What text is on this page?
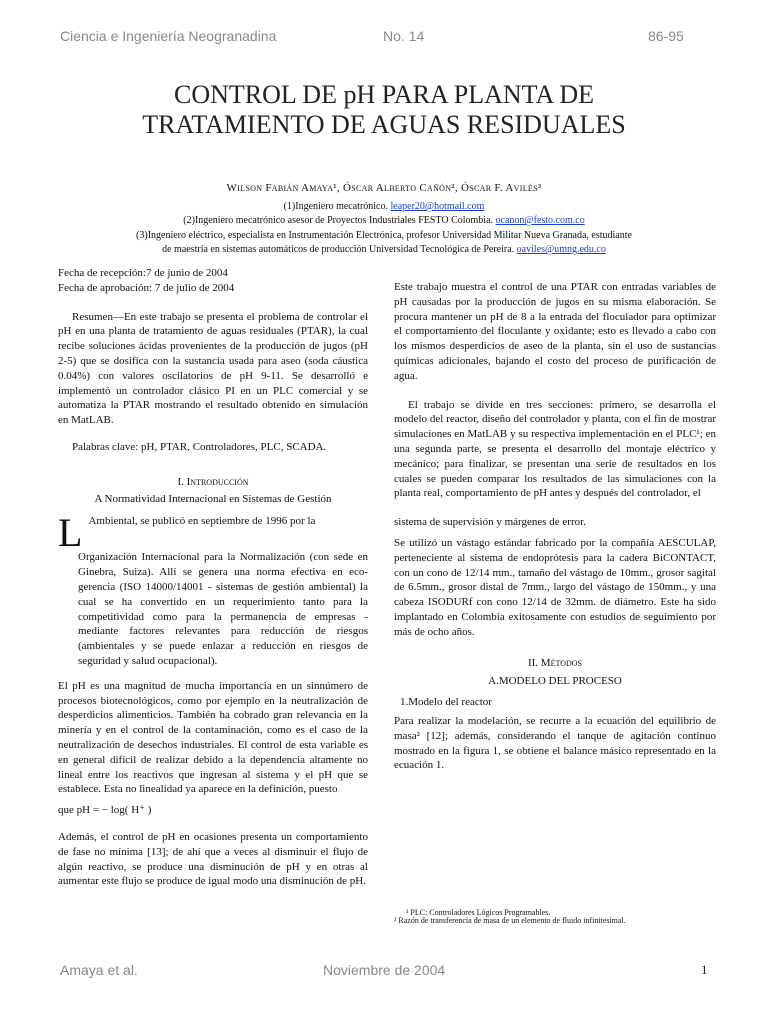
Ciencia e Ingeniería Neogranadina	No. 14	86-95
CONTROL DE pH PARA PLANTA DE
TRATAMIENTO DE AGUAS RESIDUALES
Wilson Fabián Amaya¹, Óscar Alberto Cañón², Óscar F. Avilés³
(1)Ingeniero mecatrónico. leaper20@hotmail.com
(2)Ingeniero mecatrónico asesor de Proyectos Industriales FESTO Colombia. ocanon@festo.com.co
(3)Ingeniero eléctrico, especialista en Instrumentación Electrónica, profesor Universidad Militar Nueva Granada, estudiante
de maestría en sistemas automáticos de producción Universidad Tecnológica de Pereira. oaviles@umng.edu.co

Fecha de recepción:7 de junio de 2004

Fecha de aprobación: 7 de julio de 2004

Resumen—En este trabajo se presenta el problema de controlar el pH en una planta de tratamiento de aguas residuales (PTAR), la cual recibe soluciones ácidas provenientes de la producción de jugos (pH 2-5) que se dosifica con la sustancia usada para aseo (soda cáustica 0.04%) con valores oscilatorios de pH 9-11. Se desarrolló e implementó un controlador clásico PI en un PLC comercial y se automatiza la PTAR mostrando el resultado obtenido en simulación en MatLAB.

Palabras clave: pH, PTAR, Controladores, PLC, SCADA.

I. Introducción

A Normatividad Internacional en Sistemas de Gestión

L Ambiental, se publicó en septiembre de 1996 por la

Organización Internacional para la Normalización (con sede en Ginebra, Suiza). Allí se genera una norma efectiva en eco-gerencia (ISO 14000/14001 - sistemas de gestión ambiental) la cual se ha convertido en un requerimiento tanto para la competitividad como para la permanencia de empresas - mediante factores relevantes para reducción de riesgos (ambientales y se puede enlazar a reducción en riesgos de seguridad y salud ocupacional).

El pH es una magnitud de mucha importancia en un sinnúmero de procesos biotecnológicos, como por ejemplo en la neutralización de desperdicios alimenticios. También ha cobrado gran relevancia en la minería y en el control de la contaminación, como es el caso de la neutralización de desechos industriales. El control de esta variable es en general difícil de realizar debido a la dependencia altamente no lineal entre los reactivos que ingresan al sistema y el pH que se establece. Esta no linealidad ya aparece en la definición, puesto

que pH = − log( H⁺ )

Además, el control de pH en ocasiones presenta un comportamiento de fase no mínima [13]; de ahí que a veces al disminuir el flujo de algún reactivo, se produce una disminución de pH y en otras al aumentar este flujo se produce de igual modo una disminución de pH.

Este trabajo muestra el control de una PTAR con entradas variables de pH causadas por la producción de jugos en su misma elaboración. Se procura mantener un pH de 8 a la entrada del floculador para optimizar el comportamiento del floculante y oxidante; esto es llevado a cabo con los mismos desperdicios de aseo de la planta, sin el uso de sustancias químicas adicionales, bajando el costo del proceso de purificación de agua.

El trabajo se divide en tres secciones: primero, se desarrolla el modelo del reactor, diseño del controlador y planta, con el fin de mostrar simulaciones en MatLAB y su respectiva implementación en el PLC¹; en una segunda parte, se presenta el desarrollo del montaje eléctrico y mecánico; para finalizar, se presentan una serie de resultados en los cuales se pueden comparar los resultados de las simulaciones con la planta real, comportamiento de pH antes y después del controlador, el

sistema de supervisión y márgenes de error.

Se utilizó un vástago estándar fabricado por la compañía AESCULAP, perteneciente al sistema de endoprótesis para la cadera BiCONTACT, con un cono de 12/14 mm., tamaño del vástago de 10mm., grosor sagital de 6.5mm., grosor distal de 7mm., largo del vástago de 150mm., y una cabeza ISODURf con cono 12/14 de 32mm. de diámetro. Este ha sido implantado en Colombia exitosamente con estudios de seguimiento por más de ocho años.

II. Métodos

A.MODELO DEL PROCESO

1.Modelo del reactor

Para realizar la modelación, se recurre a la ecuación del equilibrio de masa² [12]; además, considerando el tanque de agitación continuo mostrado en la figura 1, se obtiene el balance másico representado en la ecuación 1.

¹ PLC: Controladores Lógicos Programables.
² Razón de transferencia de masa de un elemento de fluido infinitesimal.
Amaya et al.	Noviembre de 2004	1
